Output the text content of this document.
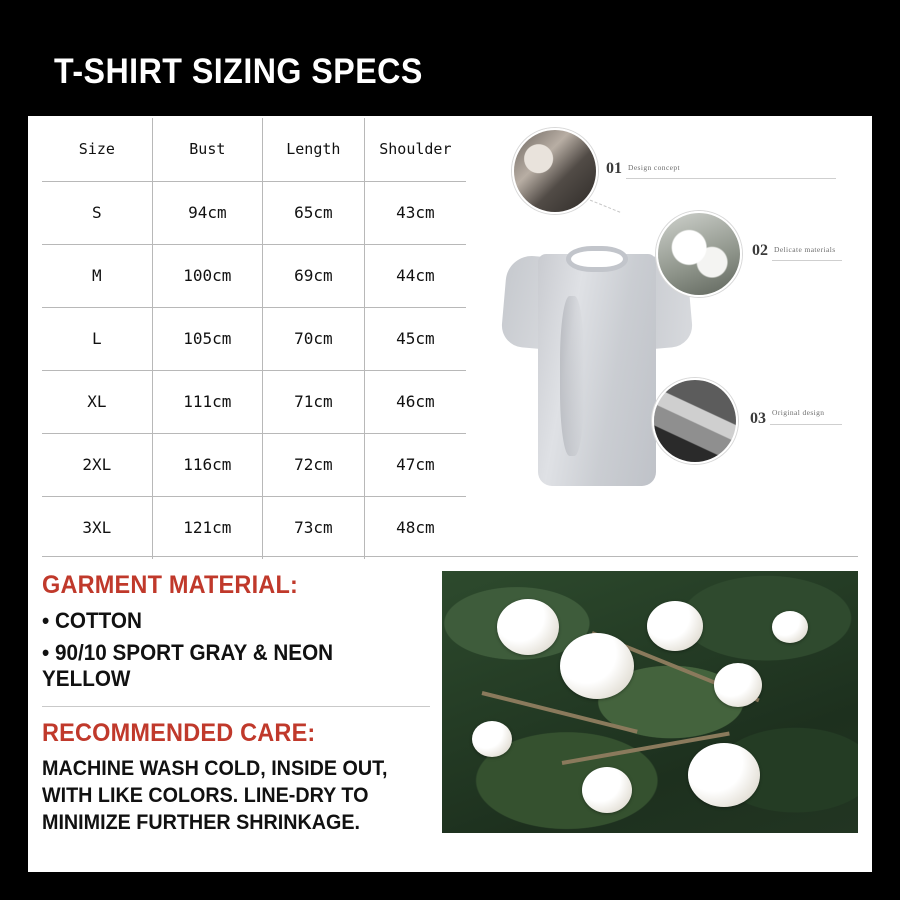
T-SHIRT SIZING SPECS
Size	Bust	Length	Shoulder
S	94cm	65cm	43cm
M	100cm	69cm	44cm
L	105cm	70cm	45cm
XL	111cm	71cm	46cm
2XL	116cm	72cm	47cm
3XL	121cm	73cm	48cm
01 Design concept
02 Delicate materials
03 Original design
GARMENT MATERIAL:
• COTTON
• 90/10 SPORT GRAY & NEON YELLOW
RECOMMENDED CARE:
MACHINE WASH COLD, INSIDE OUT, WITH LIKE COLORS. LINE-DRY TO MINIMIZE FURTHER SHRINKAGE.
